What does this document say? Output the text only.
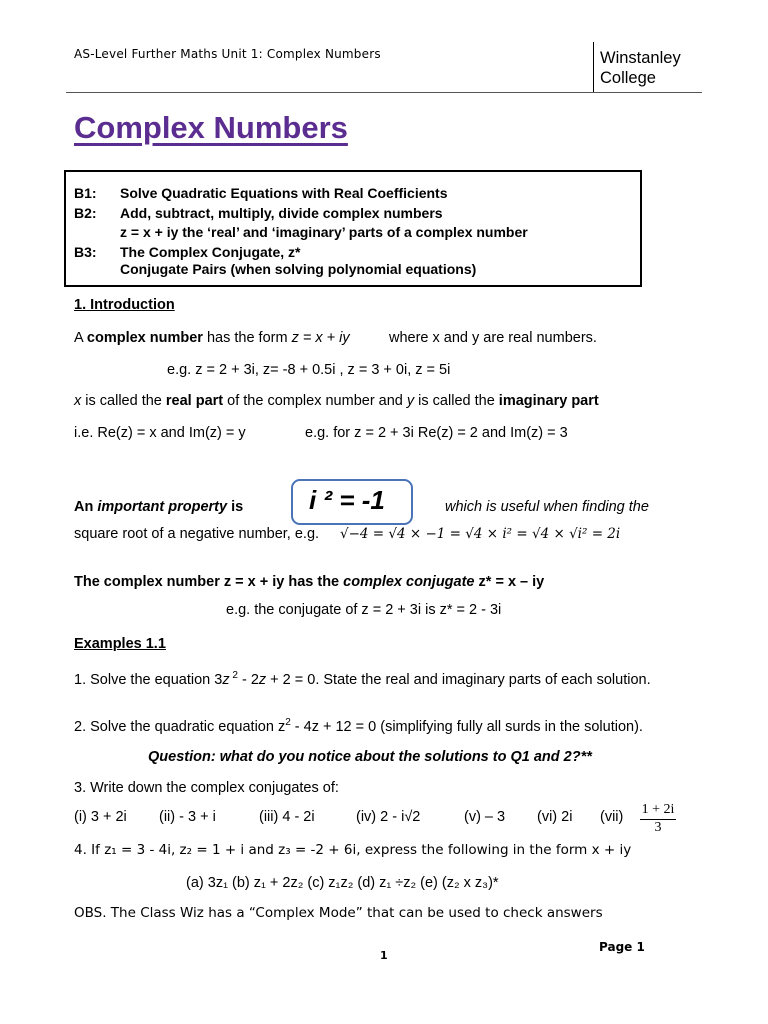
AS-Level Further Maths Unit 1: Complex Numbers	Winstanley
College
Complex Numbers
B1: Solve Quadratic Equations with Real Coefficients
B2: Add, subtract, multiply, divide complex numbers
z = x + iy the ‘real’ and ‘imaginary’ parts of a complex number
B3: The Complex Conjugate, z*
Conjugate Pairs (when solving polynomial equations)
1. Introduction
A complex number has the form z = x + iy	where x and y are real numbers.
e.g. z = 2 + 3i, z= -8 + 0.5i , z = 3 + 0i, z = 5i
x is called the real part of the complex number and y is called the imaginary part
i.e. Re(z) = x and Im(z) = y	e.g. for z = 2 + 3i Re(z) = 2 and Im(z) = 3
An important property is	i ² = -1	which is useful when finding the
square root of a negative number, e.g. √−4 = √4 × −1 = √4 × i² = √4 × √i² = 2i
The complex number z = x + iy has the complex conjugate z* = x – iy
e.g. the conjugate of z = 2 + 3i is z* = 2 - 3i
Examples 1.1
1. Solve the equation 3z $^2$ - 2z + 2 = 0. State the real and imaginary parts of each solution.
2. Solve the quadratic equation $z^2 - 4z + 12 = 0$ (simplifying fully all surds in the solution).
Question: what do you notice about the solutions to Q1 and 2?**
3. Write down the complex conjugates of:
(i) 3 + 2i (ii) - 3 + i	(iii) 4 - 2i	(iv) 2 - i√2	(v) – 3 (vi) 2i $(vii) \frac{1 + 2i}{3}$
4. If z₁ = 3 - 4i, z₂ = 1 + i and z₃ = -2 + 6i, express the following in the form x + iy
(a) 3z₁ (b) z₁ + 2z₂ (c) z₁z₂ (d) z₁ ÷z₂ (e) (z₂ x z₃)*
OBS. The Class Wiz has a “Complex Mode” that can be used to check answers
Page 1
1
